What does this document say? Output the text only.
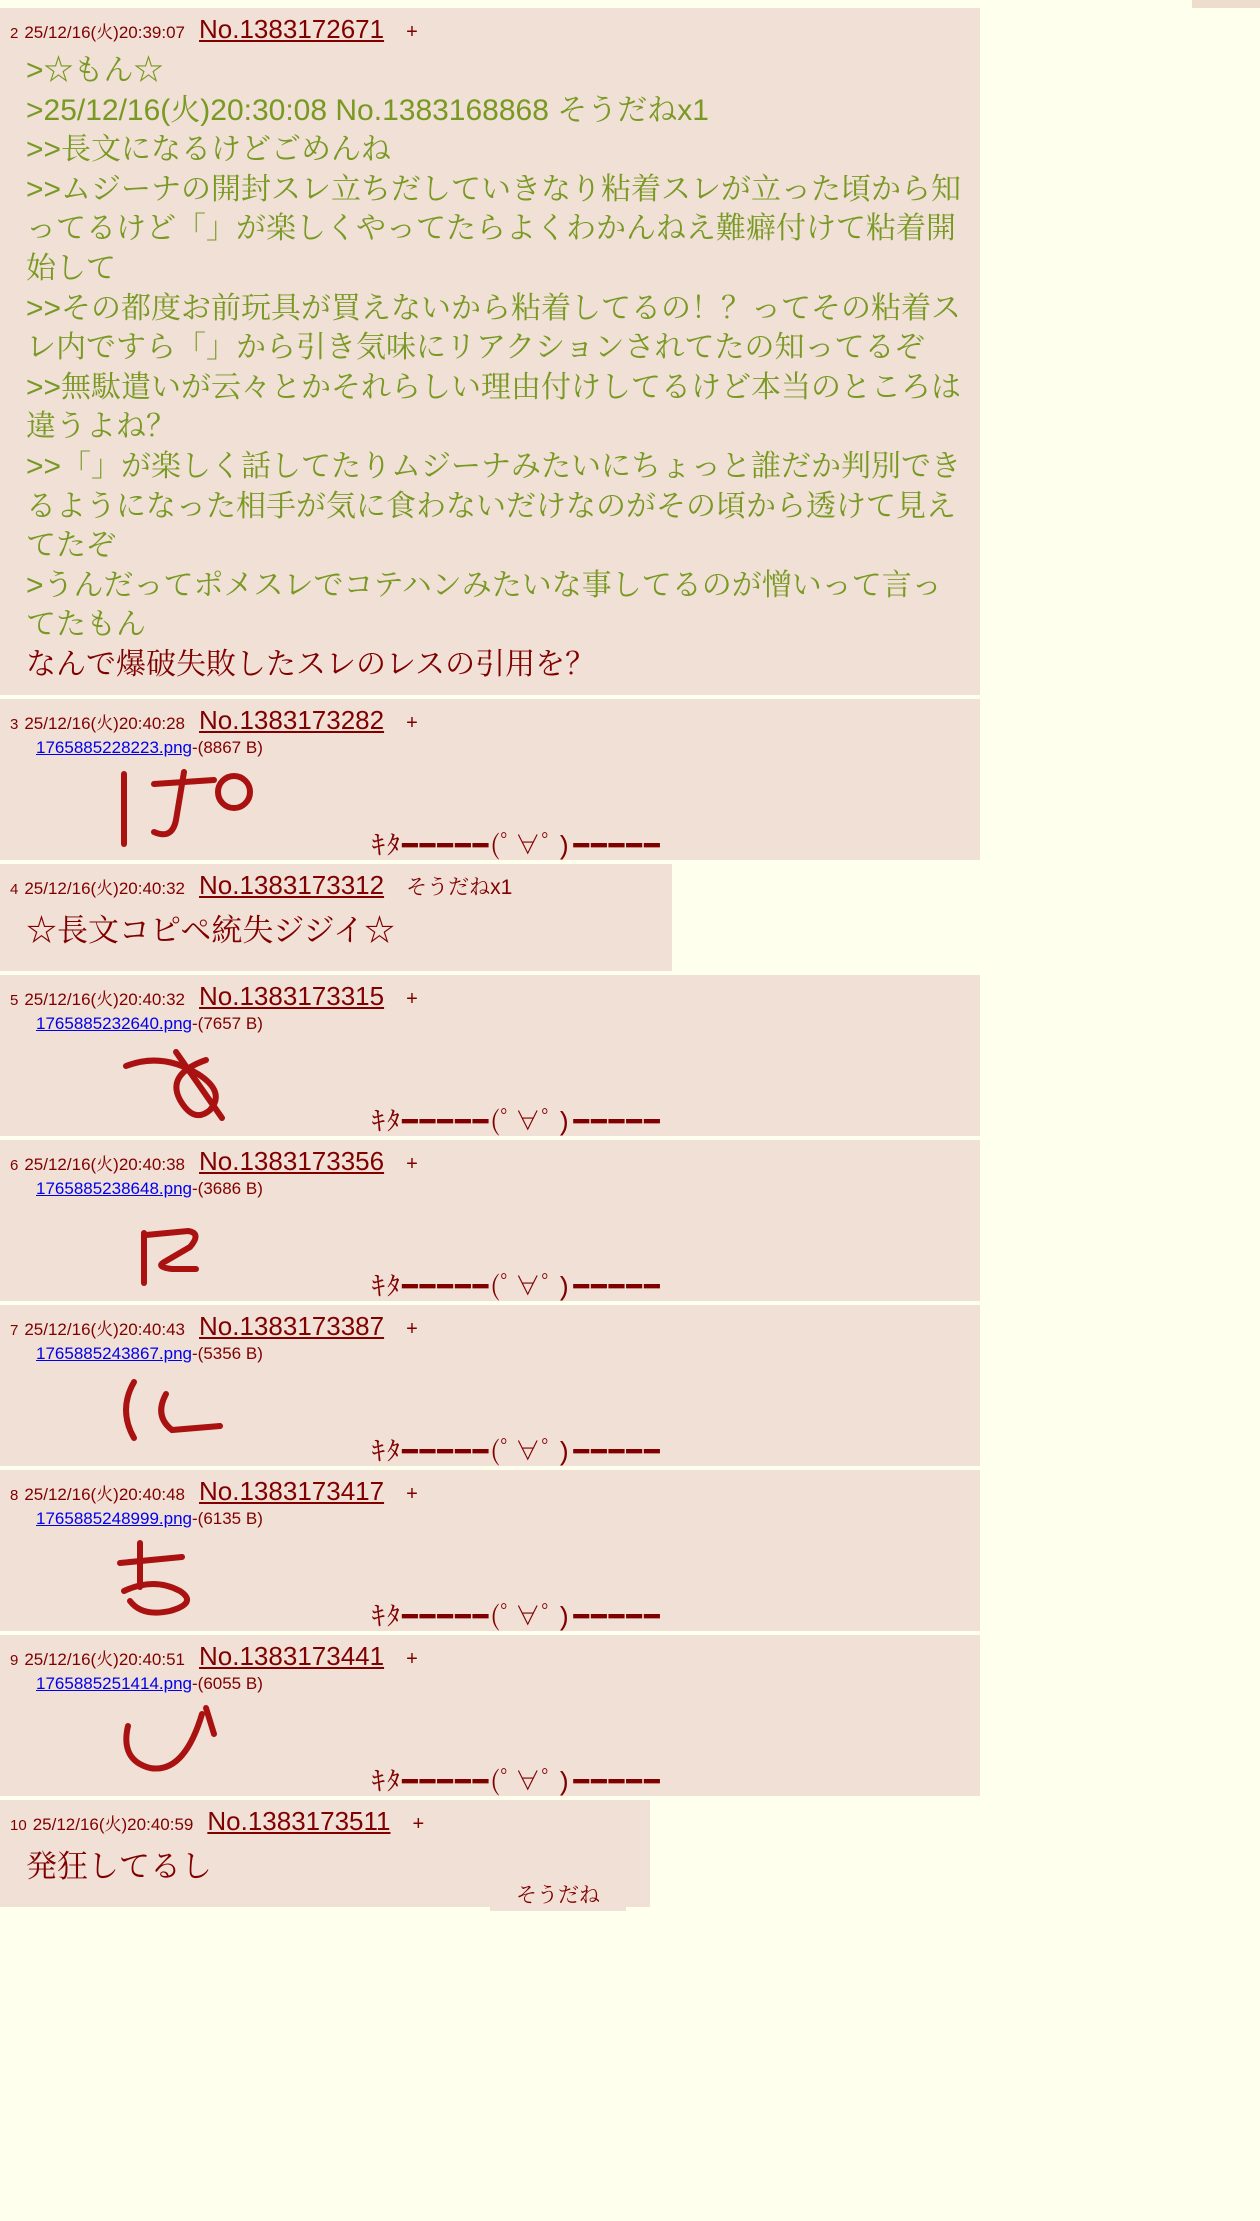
2 25/12/16(火)20:39:07 No.1383172671 +
>☆もん☆
>25/12/16(火)20:30:08 No.1383168868 そうだねx1
>>長文になるけどごめんね
>>ムジーナの開封スレ立ちだしていきなり粘着スレが立った頃から知ってるけど「」が楽しくやってたらよくわかんねえ難癖付けて粘着開始して
>>その都度お前玩具が買えないから粘着してるの！？ってその粘着スレ内ですら「」から引き気味にリアクションされてたの知ってるぞ
>>無駄遣いが云々とかそれらしい理由付けしてるけど本当のところは違うよね？
>>「」が楽しく話してたりムジーナみたいにちょっと誰だか判別できるようになった相手が気に食わないだけなのがその頃から透けて見えてたぞ
>うんだってポメスレでコテハンみたいな事してるのが憎いって言ってたもん
なんで爆破失敗したスレのレスの引用を？
3 25/12/16(火)20:40:28 No.1383173282 +
1765885228223.png-(8867 B)

ｷﾀ━━━━━(ﾟ∀ﾟ)━━━━━

4 25/12/16(火)20:40:32 No.1383173312 そうだねx1
☆長文コピペ統失ジジイ☆
5 25/12/16(火)20:40:32 No.1383173315 +
1765885232640.png-(7657 B)

ｷﾀ━━━━━(ﾟ∀ﾟ)━━━━━

6 25/12/16(火)20:40:38 No.1383173356 +
1765885238648.png-(3686 B)

ｷﾀ━━━━━(ﾟ∀ﾟ)━━━━━

7 25/12/16(火)20:40:43 No.1383173387 +
1765885243867.png-(5356 B)

ｷﾀ━━━━━(ﾟ∀ﾟ)━━━━━

8 25/12/16(火)20:40:48 No.1383173417 +
1765885248999.png-(6135 B)

ｷﾀ━━━━━(ﾟ∀ﾟ)━━━━━

9 25/12/16(火)20:40:51 No.1383173441 +
1765885251414.png-(6055 B)

ｷﾀ━━━━━(ﾟ∀ﾟ)━━━━━

10 25/12/16(火)20:40:59 No.1383173511 +
発狂してるし
そうだね
